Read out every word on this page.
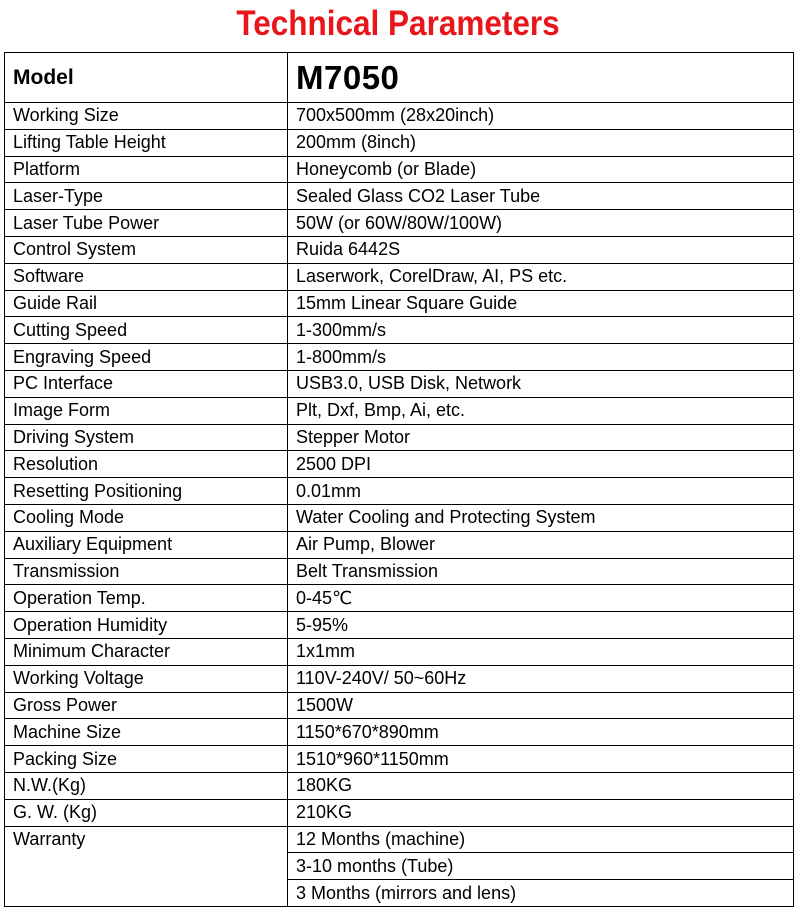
Technical Parameters
Model	M7050
Working Size	700x500mm (28x20inch)
Lifting Table Height	200mm (8inch)
Platform	Honeycomb (or Blade)
Laser-Type	Sealed Glass CO2 Laser Tube
Laser Tube Power	50W (or 60W/80W/100W)
Control System	Ruida 6442S
Software	Laserwork, CorelDraw, AI, PS etc.
Guide Rail	15mm Linear Square Guide
Cutting Speed	1-300mm/s
Engraving Speed	1-800mm/s
PC Interface	USB3.0, USB Disk, Network
Image Form	Plt, Dxf, Bmp, Ai, etc.
Driving System	Stepper Motor
Resolution	2500 DPI
Resetting Positioning	0.01mm
Cooling Mode	Water Cooling and Protecting System
Auxiliary Equipment	Air Pump, Blower
Transmission	Belt Transmission
Operation Temp.	0-45℃
Operation Humidity	5-95%
Minimum Character	1x1mm
Working Voltage	110V-240V/ 50~60Hz
Gross Power	1500W
Machine Size	1150*670*890mm
Packing Size	1510*960*1150mm
N.W.(Kg)	180KG
G. W. (Kg)	210KG
Warranty	12 Months (machine)
	3-10 months (Tube)
	3 Months (mirrors and lens)
